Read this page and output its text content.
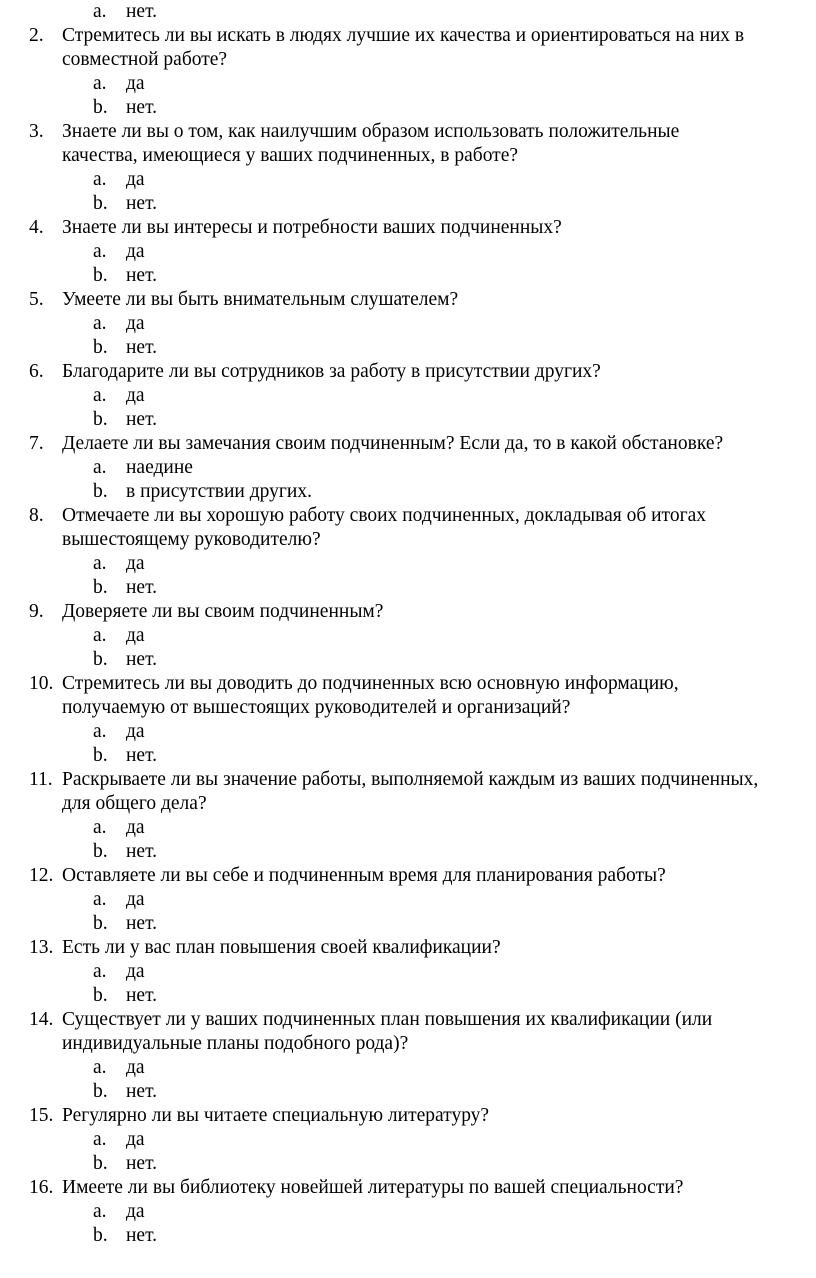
a. нет.
2. Стремитесь ли вы искать в людях лучшие их качества и ориентироваться на них в
совместной работе?
a. да
b. нет.
3. Знаете ли вы о том, как наилучшим образом использовать положительные
качества, имеющиеся у ваших подчиненных, в работе?
a. да
b. нет.
4. Знаете ли вы интересы и потребности ваших подчиненных?
a. да
b. нет.
5. Умеете ли вы быть внимательным слушателем?
a. да
b. нет.
6. Благодарите ли вы сотрудников за работу в присутствии других?
a. да
b. нет.
7. Делаете ли вы замечания своим подчиненным? Если да, то в какой обстановке?
a. наедине
b. в присутствии других.
8. Отмечаете ли вы хорошую работу своих подчиненных, докладывая об итогах
вышестоящему руководителю?
a. да
b. нет.
9. Доверяете ли вы своим подчиненным?
a. да
b. нет.
10. Стремитесь ли вы доводить до подчиненных всю основную информацию,
получаемую от вышестоящих руководителей и организаций?
a. да
b. нет.
11. Раскрываете ли вы значение работы, выполняемой каждым из ваших подчиненных,
для общего дела?
a. да
b. нет.
12. Оставляете ли вы себе и подчиненным время для планирования работы?
a. да
b. нет.
13. Есть ли у вас план повышения своей квалификации?
a. да
b. нет.
14. Существует ли у ваших подчиненных план повышения их квалификации (или
индивидуальные планы подобного рода)?
a. да
b. нет.
15. Регулярно ли вы читаете специальную литературу?
a. да
b. нет.
16. Имеете ли вы библиотеку новейшей литературы по вашей специальности?
a. да
b. нет.
